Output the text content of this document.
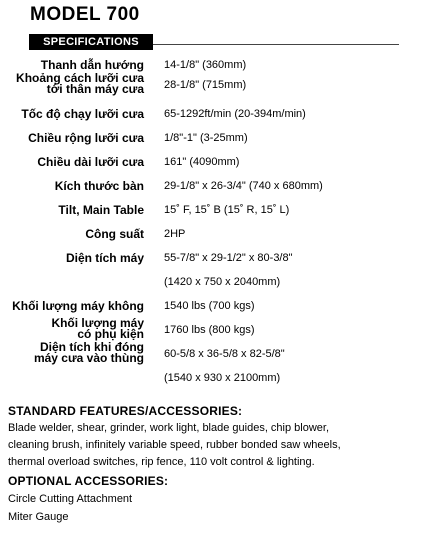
MODEL 700
SPECIFICATIONS
Thanh dẫn hướng 14-1/8" (360mm)
Khoảng cách lưỡi cưa
tới thân máy cưa 28-1/8" (715mm)
Tốc độ chạy lưỡi cưa 65-1292ft/min (20-394m/min)
Chiều rộng lưỡi cưa 1/8"-1" (3-25mm)
Chiều dài lưỡi cưa 161" (4090mm)
Kích thước bàn 29-1/8" x 26-3/4" (740 x 680mm)
Tilt, Main Table 15˚ F, 15˚ B (15˚ R, 15˚ L)
Công suất 2HP
Diện tích máy 55-7/8" x 29-1/2" x 80-3/8"
(1420 x 750 x 2040mm)
Khối lượng máy không 1540 lbs (700 kgs)
Khối lượng máy
có phụ kiện 1760 lbs (800 kgs)
Diện tích khi đóng
máy cưa vào thùng 60-5/8 x 36-5/8 x 82-5/8"
(1540 x 930 x 2100mm)
STANDARD FEATURES/ACCESSORIES:
Blade welder, shear, grinder, work light, blade guides, chip blower,
cleaning brush, infinitely variable speed, rubber bonded saw wheels,
thermal overload switches, rip fence, 110 volt control & lighting.
OPTIONAL ACCESSORIES:
Circle Cutting Attachment
Miter Gauge
